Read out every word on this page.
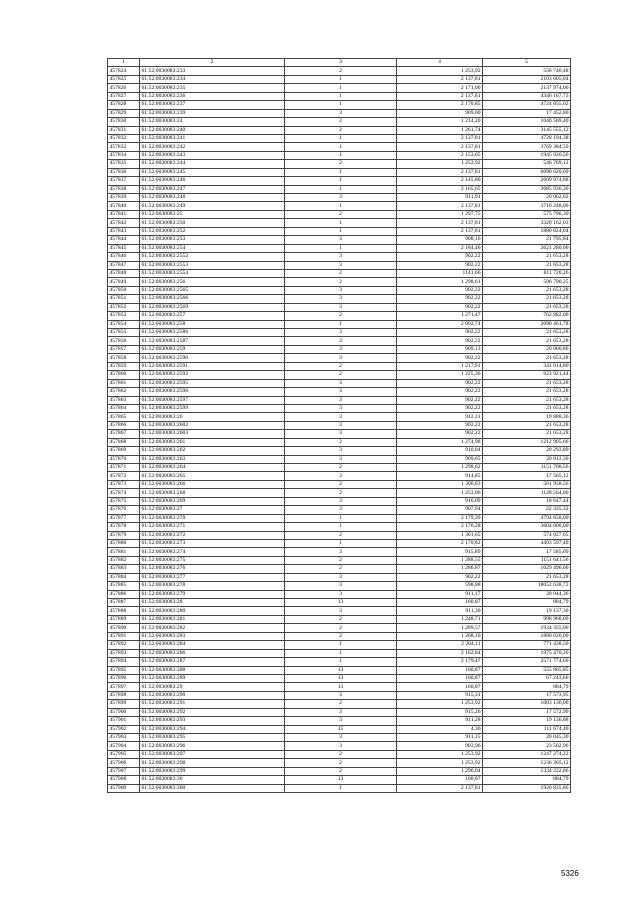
1	2	3	4	5
457824	61:52:0030083:233	2	1 253,92	556 740,48
457825	61:52:0030083:234	1	2 137,81	2103 605,04
457826	61:52:0030083:235	1	2 171,00	2137 974,00
457827	61:52:0030083:236	1	2 137,81	4346 167,73
457828	61:52:0030083:237	1	2 170,85	4724 855,02
457829	61:52:0030083:239	3	909,00	17 452,80
457830	61:52:0030083:24	2	1 214,20	1040 569,40
457831	61:52:0030083:240	2	1 261,74	3145 555,12
457832	61:52:0030083:241	1	2 137,81	4728 194,38
457833	61:52:0030083:242	1	2 137,81	3769 384,59
457834	61:52:0030083:243	1	2 153,05	1945 926,50
457835	61:52:0030083:244	2	1 253,92	546 709,12
457836	61:52:0030083:245	1	2 137,81	6090 620,69
457837	61:52:0030083:246	1	2 145,80	2609 974,88
457838	61:52:0030083:247	1	2 165,65	3685 936,30
457839	61:52:0030083:248	3	911,91	20 062,02
457840	61:52:0030083:249	1	2 137,81	3710 248,00
457841	61:52:0030083:25	2	1 297,75	575 796,30
457842	61:52:0030083:250	1	2 137,81	3320 162,03
457843	61:52:0030083:252	1	2 137,81	1880 824,04
457844	61:52:0030083:253	3	908,16	21 795,84
457845	61:52:0030083:254	1	2 184,46	2621 280,00
457846	61:52:0030083:2552	3	902,22	21 653,28
457847	61:52:0030083:2553	3	902,22	21 653,28
457848	61:52:0030083:2554	2	1141,66	811 720,26
457849	61:52:0030083:256	2	1 298,61	596 790,25
457850	61:52:0030083:2565	3	902,22	21 653,28
457851	61:52:0030083:2566	3	902,22	21 653,28
457852	61:52:0030083:2569	3	902,22	21 653,28
457853	61:52:0030083:257	2	1 271,47	762 882,00
457854	61:52:0030083:258	1	2 092,74	2090 461,78
457855	61:52:0030083:2586	3	902,22	21 653,28
457856	61:52:0030083:2587	3	902,22	21 653,28
457857	61:52:0030083:259	3	909,13	20 000,86
457858	61:52:0030083:2590	3	902,22	21 653,28
457859	61:52:0030083:2591	2	1 217,91	341 014,80
457860	61:52:0030083:2592	2	1 225,36	923 921,44
457861	61:52:0030083:2595	3	902,22	21 653,28
457862	61:52:0030083:2596	3	902,22	21 653,28
457863	61:52:0030083:2597	3	902,22	21 653,28
457864	61:52:0030083:2599	3	902,22	21 653,28
457865	61:52:0030083:26	3	912,31	19 888,36
457866	61:52:0030083:2602	3	902,22	21 653,28
457867	61:52:0030083:2603	3	902,22	21 653,28
457868	61:52:0030083:261	2	1 274,98	1212 905,66
457869	61:52:0030083:262	3	910,04	20 293,89
457870	61:52:0030083:263	3	909,65	20 012,30
457871	61:52:0030083:264	2	1 298,62	1151 708,56
457872	61:52:0030083:265	3	914,85	17 565,12
457873	61:52:0030083:266	2	1 300,83	561 958,56
457874	61:52:0030083:268	2	1 253,06	1128 564,00
457875	61:52:0030083:269	3	916,09	18 647,44
457876	61:52:0030083:27	3	907,94	22 335,32
457877	61:52:0030083:270	1	2 179,39	4794 658,00
457878	61:52:0030083:271	1	2 176,28	3604 000,00
457879	61:52:0030083:272	2	1 301,65	574 027,65
457880	61:52:0030083:273	1	2 170,82	4493 597,40
457881	61:52:0030083:274	3	915,89	17 585,09
457882	61:52:0030083:275	2	1 288,55	1151 641,56
457883	61:52:0030083:276	2	1 286,87	1029 496,00
457884	61:52:0030083:277	3	902,22	21 653,28
457885	61:52:0030083:278	3	598,88	18052 638,72
457886	61:52:0030083:279	3	911,17	20 044,36
457887	61:52:0030083:28	13	160,87	884,79
457888	61:52:0030083:280	3	911,30	19 137,30
457889	61:52:0030083:281	2	1 248,71	998 968,00
457890	61:52:0030083:282	2	1 289,57	1934 355,00
457891	61:52:0030083:283	2	1 268,10	1880 626,00
457892	61:52:0030083:284	1	2 204,11	771 438,50
457893	61:52:0030083:286	1	2 182,84	1975 470,20
457894	61:52:0030083:287	1	2 179,47	2571 774,60
457895	61:52:0030083:288	13	160,87	555 805,85
457896	61:52:0030083:289	13	160,87	67 243,66
457897	61:52:0030083:29	13	160,87	884,79
457898	61:52:0030083:290	3	915,31	17 573,95
457899	61:52:0030083:291	2	1 253,92	1003 136,00
457900	61:52:0030083:292	3	915,26	17 572,99
457901	61:52:0030083:293	3	911,28	19 136,88
457902	61:52:0030083:294	15	4,36	111 674,40
457903	61:52:0030083:295	3	911,15	20 045,30
457904	61:52:0030083:296	3	903,96	23 502,96
457905	61:52:0030083:297	2	1 253,92	1247 274,22
457906	61:52:0030083:298	2	1 253,92	1236 365,12
457907	61:52:0030083:299	2	1 296,04	1334 332,86
457908	61:52:0030083:30	13	160,87	884,79
457909	61:52:0030083:300	1	2 137,81	1926 835,86
5326
